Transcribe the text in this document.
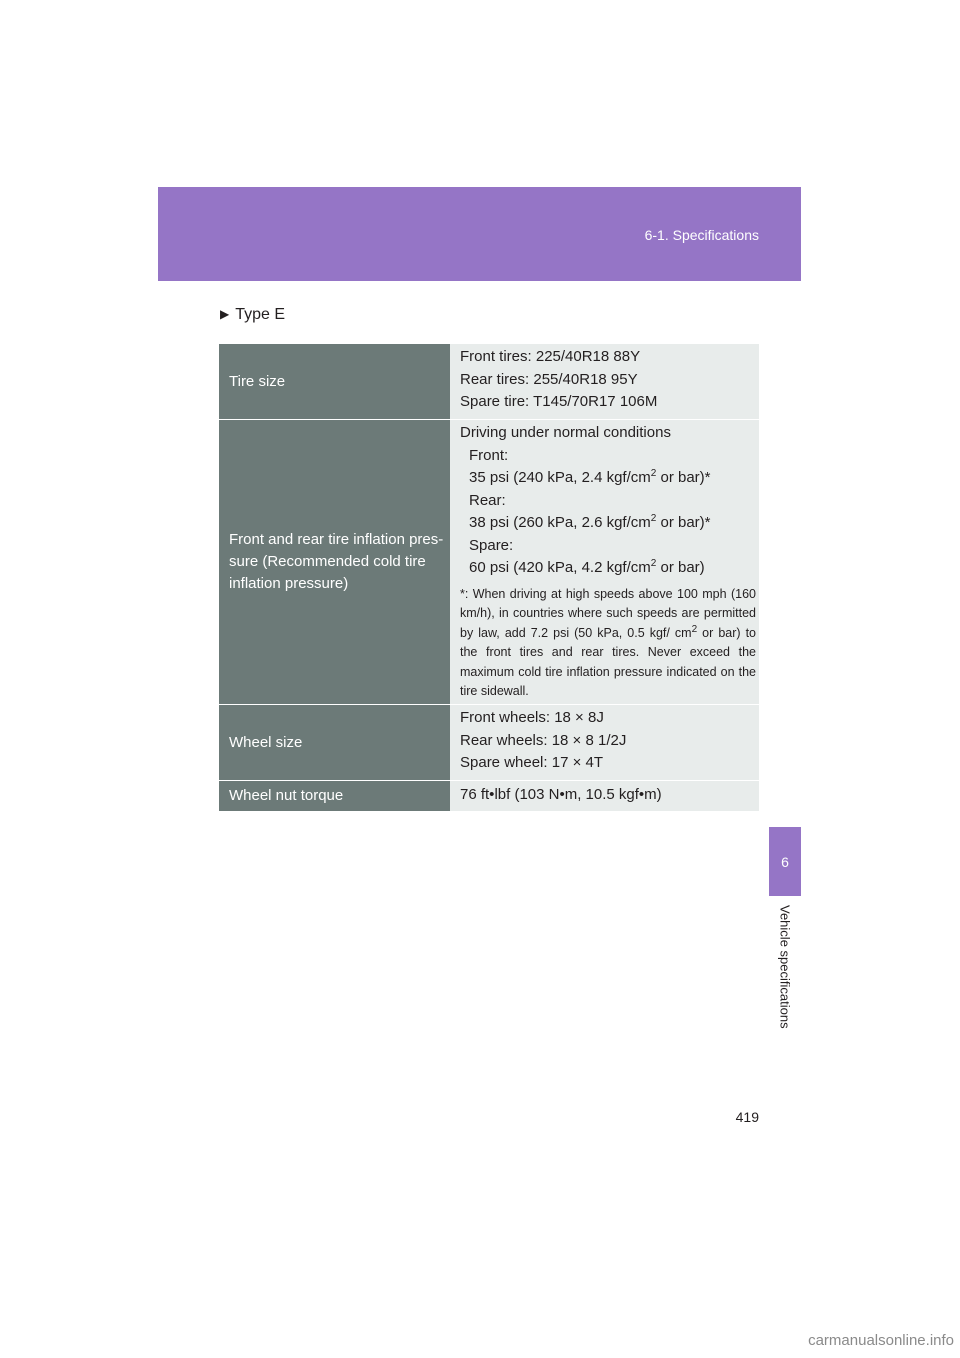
6-1. Specifications
▶ Type E
Tire size
Front tires: 225/40R18 88Y
Rear tires: 255/40R18 95Y
Spare tire: T145/70R17 106M
Front and rear tire inflation pres-sure (Recommended cold tire inflation pressure)
Driving under normal conditions
Front:
35 psi (240 kPa, 2.4 kgf/$cm^2$ or bar)*
Rear:
38 psi (260 kPa, 2.6 kgf/$cm^2$ or bar)*
Spare:
60 psi (420 kPa, 4.2 kgf/$cm^2$ or bar)
*: When driving at high speeds above 100 mph (160 km/h), in countries where such speeds are permitted by law, add 7.2 psi (50 kPa, 0.5 kgf/ $cm^2$ or bar) to the front tires and rear tires. Never exceed the maximum cold tire inflation pressure indicated on the tire sidewall.
Wheel size
Front wheels: 18 × 8J
Rear wheels: 18 × 8 1/2J
Spare wheel: 17 × 4T
Wheel nut torque	76 ft•lbf (103 N•m, 10.5 kgf•m)
6
Vehicle specifications
419
carmanualsonline.info
